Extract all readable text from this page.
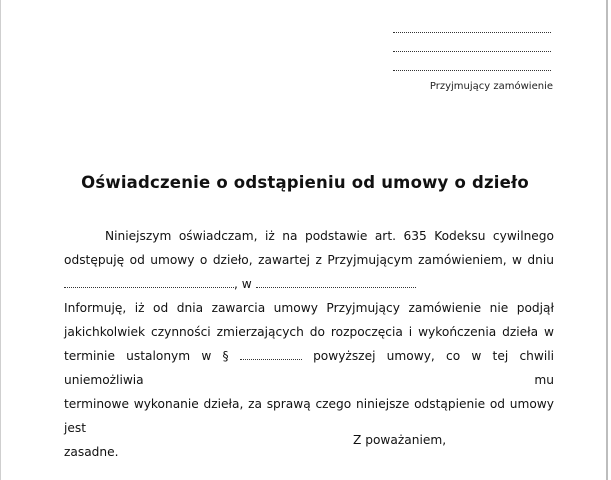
Przyjmujący zamówienie
Oświadczenie o odstąpieniu od umowy o dzieło
Niniejszym oświadczam, iż na podstawie art. 635 Kodeksu cywilnego
odstępuję od umowy o dzieło, zawartej z Przyjmującym zamówieniem, w dniu
, w
Informuję, iż od dnia zawarcia umowy Przyjmujący zamówienie nie podjął
jakichkolwiek czynności zmierzających do rozpoczęcia i wykończenia dzieła w
terminie ustalonym w §	powyższej umowy, co w tej chwili uniemożliwia mu
terminowe wykonanie dzieła, za sprawą czego niniejsze odstąpienie od umowy jest
zasadne.
Z poważaniem,
